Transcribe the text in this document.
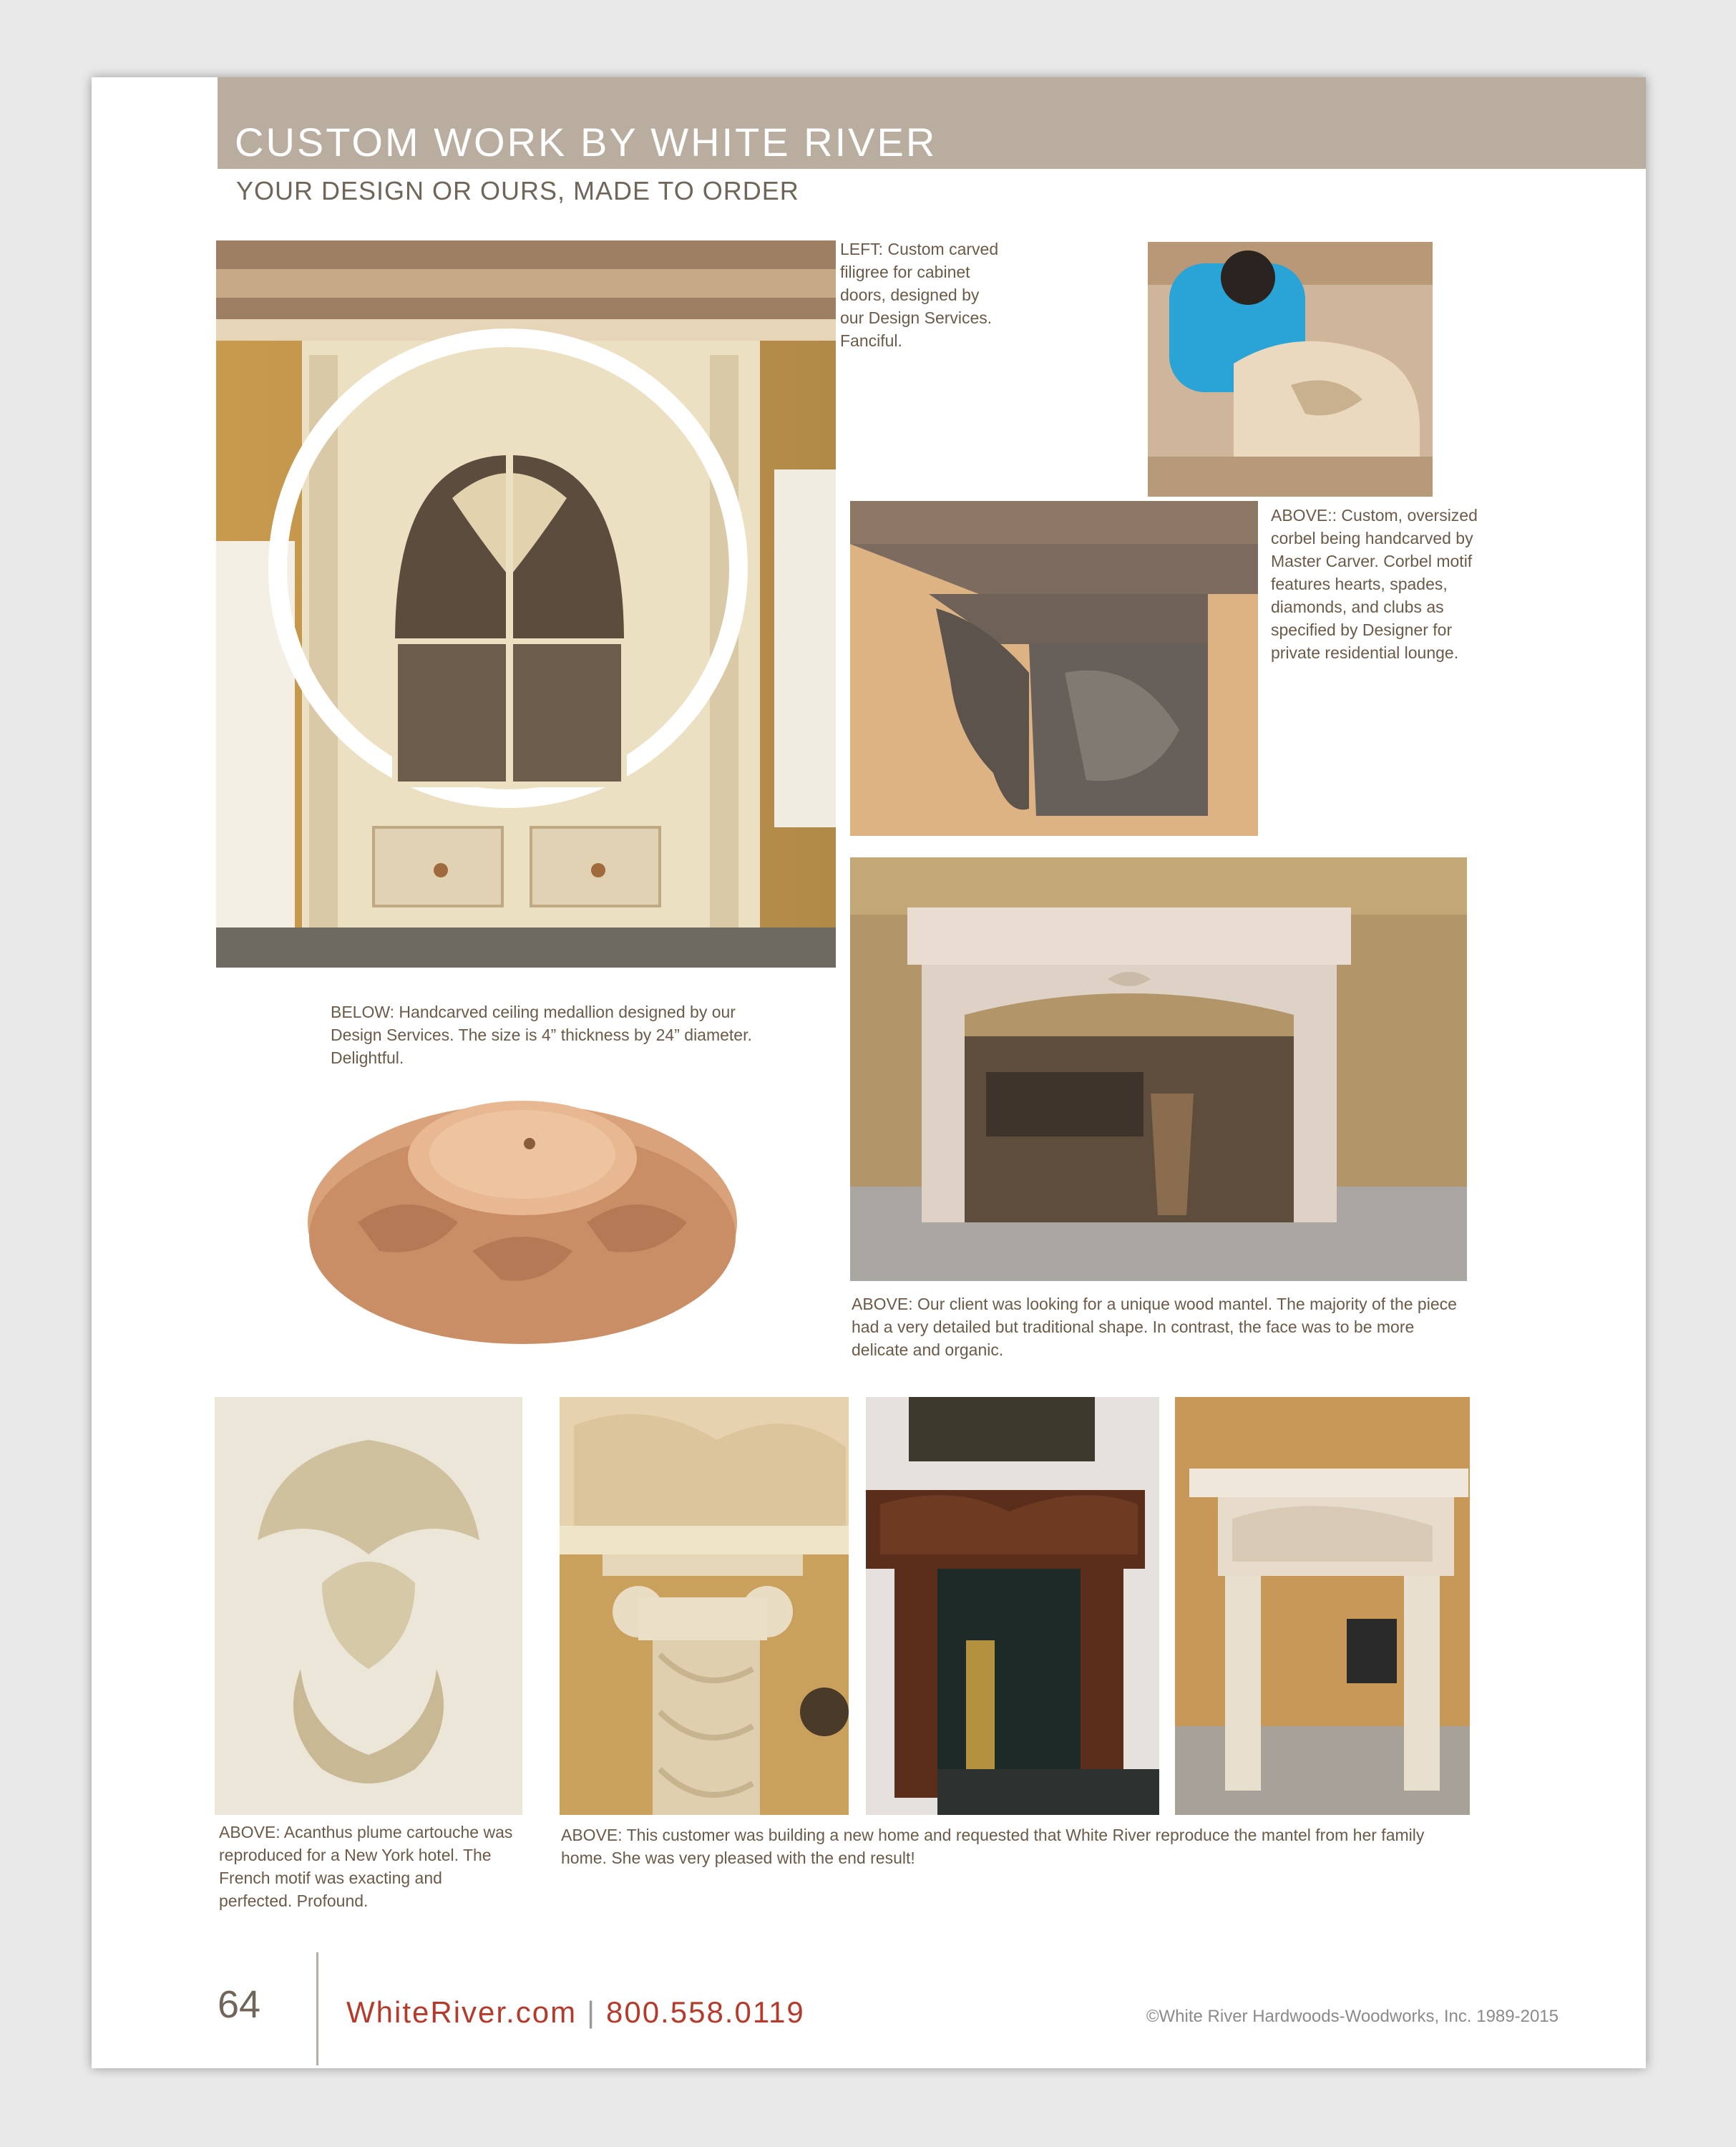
CUSTOM WORK BY WHITE RIVER
YOUR DESIGN OR OURS, MADE TO ORDER
LEFT: Custom carved filigree for cabinet doors, designed by our Design Services. Fanciful.
ABOVE:: Custom, oversized corbel being handcarved by Master Carver. Corbel motif features hearts, spades, diamonds, and clubs as specified by Designer for private residential lounge.
ABOVE: Our client was looking for a unique wood mantel. The majority of the piece had a very detailed but traditional shape. In contrast, the face was to be more delicate and organic.
BELOW: Handcarved ceiling medallion designed by our Design Services. The size is 4” thickness by 24” diameter. Delightful.
ABOVE: Acanthus plume cartouche was reproduced for a New York hotel. The French motif was exacting and perfected. Profound.
ABOVE: This customer was building a new home and requested that White River reproduce the mantel from her family home. She was very pleased with the end result!
64	WhiteRiver.com | 800.558.0119	©White River Hardwoods-Woodworks, Inc. 1989-2015
